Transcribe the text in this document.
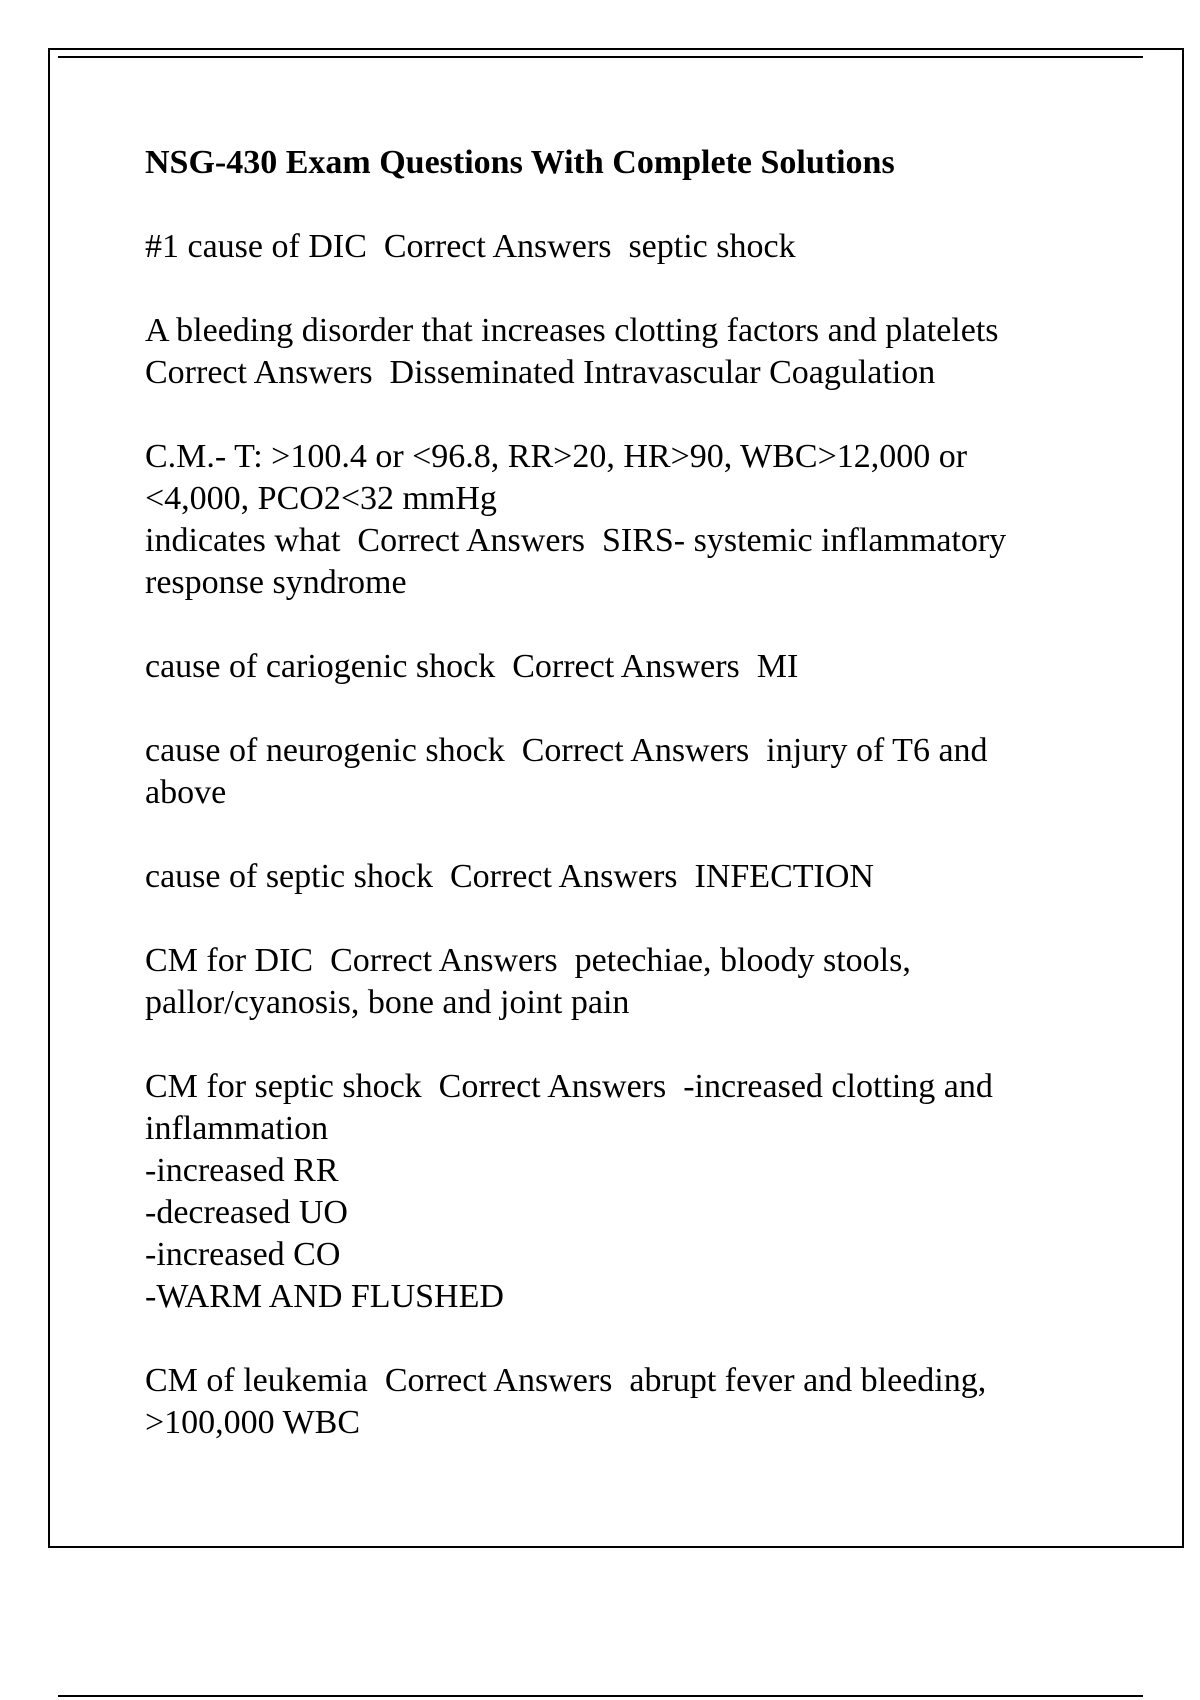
NSG-430 Exam Questions With Complete Solutions
#1 cause of DIC  Correct Answers  septic shock
A bleeding disorder that increases clotting factors and platelets
Correct Answers  Disseminated Intravascular Coagulation
C.M.- T: >100.4 or <96.8, RR>20, HR>90, WBC>12,000 or
<4,000, PCO2<32 mmHg
indicates what  Correct Answers  SIRS- systemic inflammatory
response syndrome
cause of cariogenic shock  Correct Answers  MI
cause of neurogenic shock  Correct Answers  injury of T6 and
above
cause of septic shock  Correct Answers  INFECTION
CM for DIC  Correct Answers  petechiae, bloody stools,
pallor/cyanosis, bone and joint pain
CM for septic shock  Correct Answers  -increased clotting and
inflammation
-increased RR
-decreased UO
-increased CO
-WARM AND FLUSHED
CM of leukemia  Correct Answers  abrupt fever and bleeding,
>100,000 WBC
